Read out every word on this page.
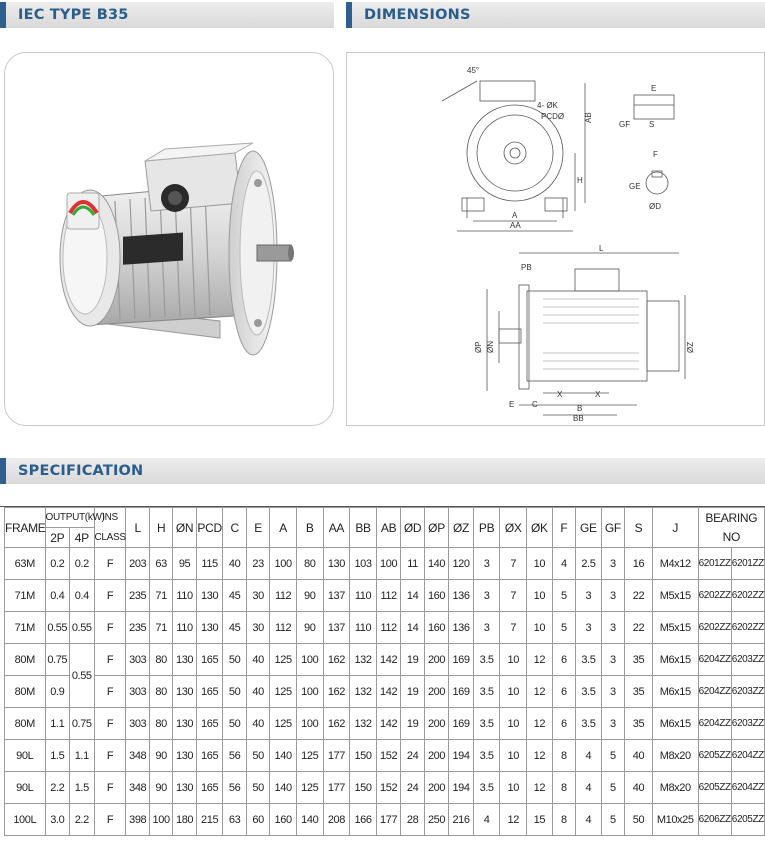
IEC TYPE B35	DIMENSIONS
45°
4- ØK
PCDØ AB
H
A
AA
E
GF S
F
GE
ØD
L
PB
ØP ØN	ØZ
E C
X	X
B
BB
SPECIFICATION
FRAME	OUTPUT(kW)		INS	L	H	ØN	PCD	C	E	A	B	AA	BB	AB	ØD	ØP	ØZ	PB	ØX	ØK	F	GE	GF	S	J	BEARING	
	2P	4P	CLASS																							NO	
63M	0.2	0.2	F	203	63	95	115	40	23	100	80	130	103	100	11	140	120	3	7	10	4	2.5	3	16	M4x12	6201ZZ	6201ZZ
71M	0.4	0.4	F	235	71	110	130	45	30	112	90	137	110	112	14	160	136	3	7	10	5	3	3	22	M5x15	6202ZZ	6202ZZ
71M	0.55	0.55	F	235	71	110	130	45	30	112	90	137	110	112	14	160	136	3	7	10	5	3	3	22	M5x15	6202ZZ	6202ZZ
80M	0.75	0.55	F	303	80	130	165	50	40	125	100	162	132	142	19	200	169	3.5	10	12	6	3.5	3	35	M6x15	6204ZZ	6203ZZ
80M	0.9		F	303	80	130	165	50	40	125	100	162	132	142	19	200	169	3.5	10	12	6	3.5	3	35	M6x15	6204ZZ	6203ZZ
80M	1.1	0.75	F	303	80	130	165	50	40	125	100	162	132	142	19	200	169	3.5	10	12	6	3.5	3	35	M6x15	6204ZZ	6203ZZ
90L	1.5	1.1	F	348	90	130	165	56	50	140	125	177	150	152	24	200	194	3.5	10	12	8	4	5	40	M8x20	6205ZZ	6204ZZ
90L	2.2	1.5	F	348	90	130	165	56	50	140	125	177	150	152	24	200	194	3.5	10	12	8	4	5	40	M8x20	6205ZZ	6204ZZ
100L	3.0	2.2	F	398	100	180	215	63	60	160	140	208	166	177	28	250	216	4	12	15	8	4	5	50	M10x25	6206ZZ	6205ZZ
